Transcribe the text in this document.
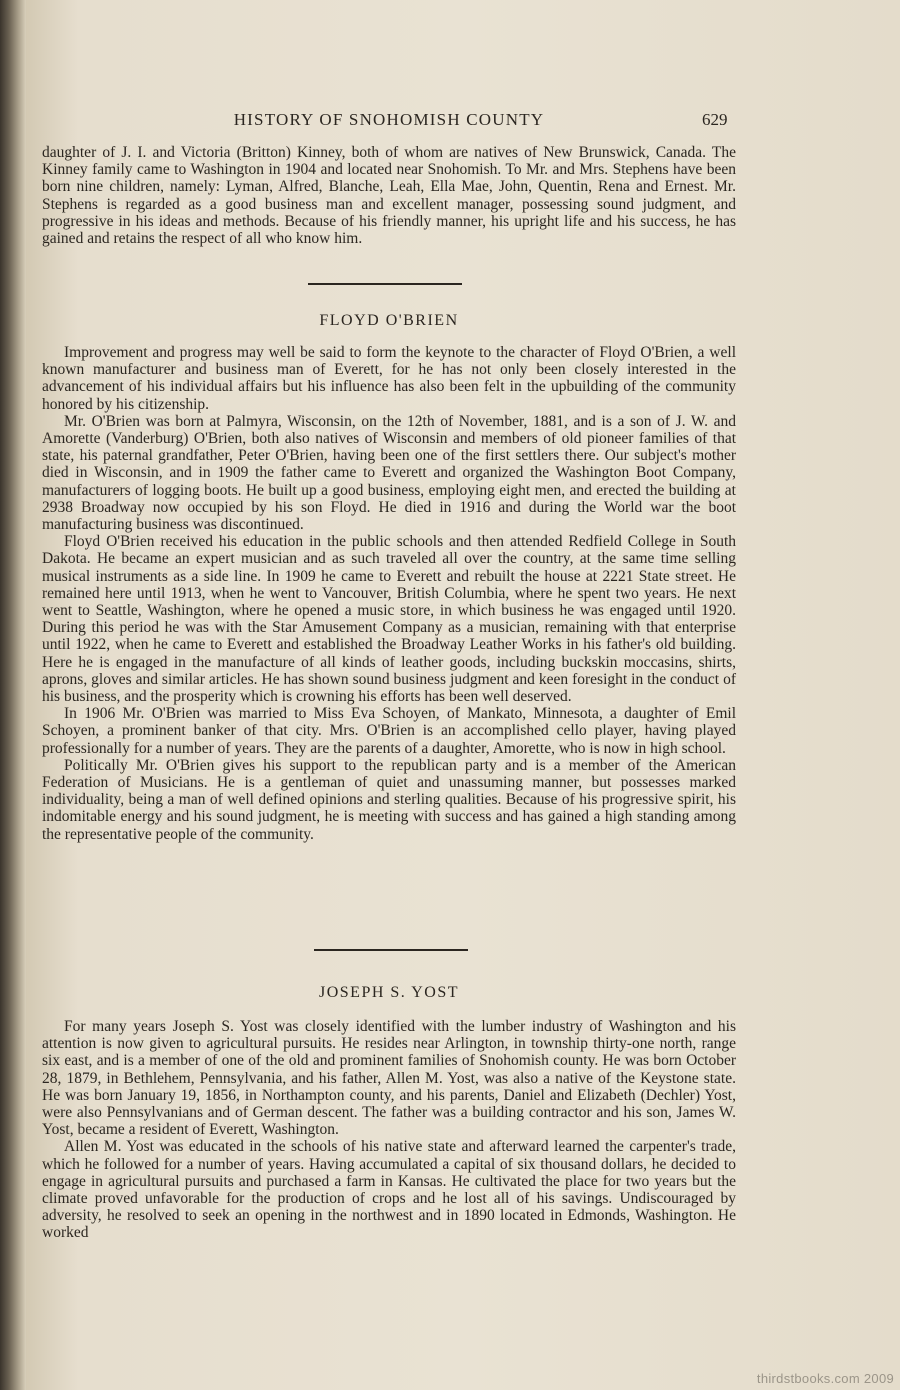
HISTORY OF SNOHOMISH COUNTY	629

daughter of J. I. and Victoria (Britton) Kinney, both of whom are natives of New Brunswick, Canada. The Kinney family came to Washington in 1904 and located near Snohomish. To Mr. and Mrs. Stephens have been born nine children, namely: Lyman, Alfred, Blanche, Leah, Ella Mae, John, Quentin, Rena and Ernest. Mr. Stephens is regarded as a good business man and excellent manager, possessing sound judgment, and progressive in his ideas and methods. Because of his friendly manner, his upright life and his success, he has gained and retains the respect of all who know him.

FLOYD O'BRIEN

Improvement and progress may well be said to form the keynote to the character of Floyd O'Brien, a well known manufacturer and business man of Everett, for he has not only been closely interested in the advancement of his individual affairs but his influence has also been felt in the upbuilding of the community honored by his citizenship.

Mr. O'Brien was born at Palmyra, Wisconsin, on the 12th of November, 1881, and is a son of J. W. and Amorette (Vanderburg) O'Brien, both also natives of Wisconsin and members of old pioneer families of that state, his paternal grandfather, Peter O'Brien, having been one of the first settlers there. Our subject's mother died in Wisconsin, and in 1909 the father came to Everett and organized the Washington Boot Company, manufacturers of logging boots. He built up a good business, employing eight men, and erected the building at 2938 Broadway now occupied by his son Floyd. He died in 1916 and during the World war the boot manufacturing business was discontinued.

Floyd O'Brien received his education in the public schools and then attended Redfield College in South Dakota. He became an expert musician and as such traveled all over the country, at the same time selling musical instruments as a side line. In 1909 he came to Everett and rebuilt the house at 2221 State street. He remained here until 1913, when he went to Vancouver, British Columbia, where he spent two years. He next went to Seattle, Washington, where he opened a music store, in which business he was engaged until 1920. During this period he was with the Star Amusement Company as a musician, remaining with that enterprise until 1922, when he came to Everett and established the Broadway Leather Works in his father's old building. Here he is engaged in the manufacture of all kinds of leather goods, including buckskin moccasins, shirts, aprons, gloves and similar articles. He has shown sound business judgment and keen foresight in the conduct of his business, and the prosperity which is crowning his efforts has been well deserved.

In 1906 Mr. O'Brien was married to Miss Eva Schoyen, of Mankato, Minnesota, a daughter of Emil Schoyen, a prominent banker of that city. Mrs. O'Brien is an accomplished cello player, having played professionally for a number of years. They are the parents of a daughter, Amorette, who is now in high school.

Politically Mr. O'Brien gives his support to the republican party and is a member of the American Federation of Musicians. He is a gentleman of quiet and unassuming manner, but possesses marked individuality, being a man of well defined opinions and sterling qualities. Because of his progressive spirit, his indomitable energy and his sound judgment, he is meeting with success and has gained a high standing among the representative people of the community.

JOSEPH S. YOST

For many years Joseph S. Yost was closely identified with the lumber industry of Washington and his attention is now given to agricultural pursuits. He resides near Arlington, in township thirty-one north, range six east, and is a member of one of the old and prominent families of Snohomish county. He was born October 28, 1879, in Bethlehem, Pennsylvania, and his father, Allen M. Yost, was also a native of the Keystone state. He was born January 19, 1856, in Northampton county, and his parents, Daniel and Elizabeth (Dechler) Yost, were also Pennsylvanians and of German descent. The father was a building contractor and his son, James W. Yost, became a resident of Everett, Washington.

Allen M. Yost was educated in the schools of his native state and afterward learned the carpenter's trade, which he followed for a number of years. Having accumulated a capital of six thousand dollars, he decided to engage in agricultural pursuits and purchased a farm in Kansas. He cultivated the place for two years but the climate proved unfavorable for the production of crops and he lost all of his savings. Undiscouraged by adversity, he resolved to seek an opening in the northwest and in 1890 located in Edmonds, Washington. He worked

thirdstbooks.com 2009
